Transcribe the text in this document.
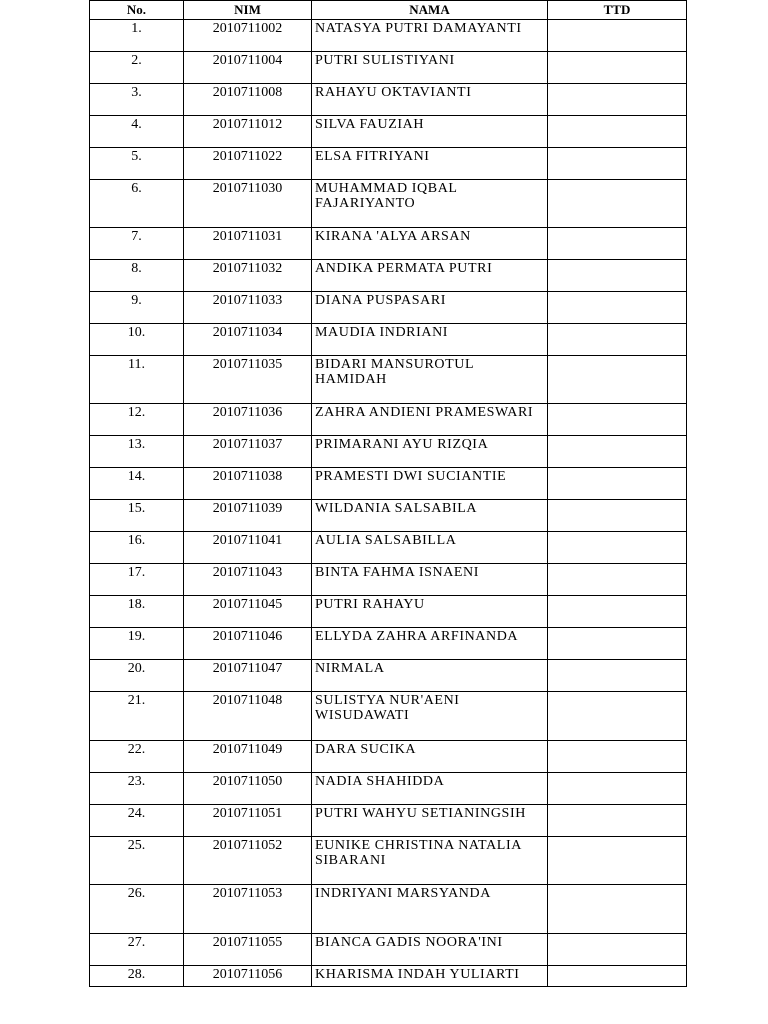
No.	NIM	NAMA	TTD
1.	2010711002	NATASYA PUTRI DAMAYANTI	
2.	2010711004	PUTRI SULISTIYANI	
3.	2010711008	RAHAYU OKTAVIANTI	
4.	2010711012	SILVA FAUZIAH	
5.	2010711022	ELSA FITRIYANI	
6.	2010711030	MUHAMMAD IQBAL FAJARIYANTO	
7.	2010711031	KIRANA 'ALYA ARSAN	
8.	2010711032	ANDIKA PERMATA PUTRI	
9.	2010711033	DIANA PUSPASARI	
10.	2010711034	MAUDIA INDRIANI	
11.	2010711035	BIDARI MANSUROTUL HAMIDAH	
12.	2010711036	ZAHRA ANDIENI PRAMESWARI	
13.	2010711037	PRIMARANI AYU RIZQIA	
14.	2010711038	PRAMESTI DWI SUCIANTIE	
15.	2010711039	WILDANIA SALSABILA	
16.	2010711041	AULIA SALSABILLA	
17.	2010711043	BINTA FAHMA ISNAENI	
18.	2010711045	PUTRI RAHAYU	
19.	2010711046	ELLYDA ZAHRA ARFINANDA	
20.	2010711047	NIRMALA	
21.	2010711048	SULISTYA NUR'AENI WISUDAWATI	
22.	2010711049	DARA SUCIKA	
23.	2010711050	NADIA SHAHIDDA	
24.	2010711051	PUTRI WAHYU SETIANINGSIH	
25.	2010711052	EUNIKE CHRISTINA NATALIA SIBARANI	
26.	2010711053	INDRIYANI MARSYANDA	
27.	2010711055	BIANCA GADIS NOORA'INI	
28.	2010711056	KHARISMA INDAH YULIARTI	
